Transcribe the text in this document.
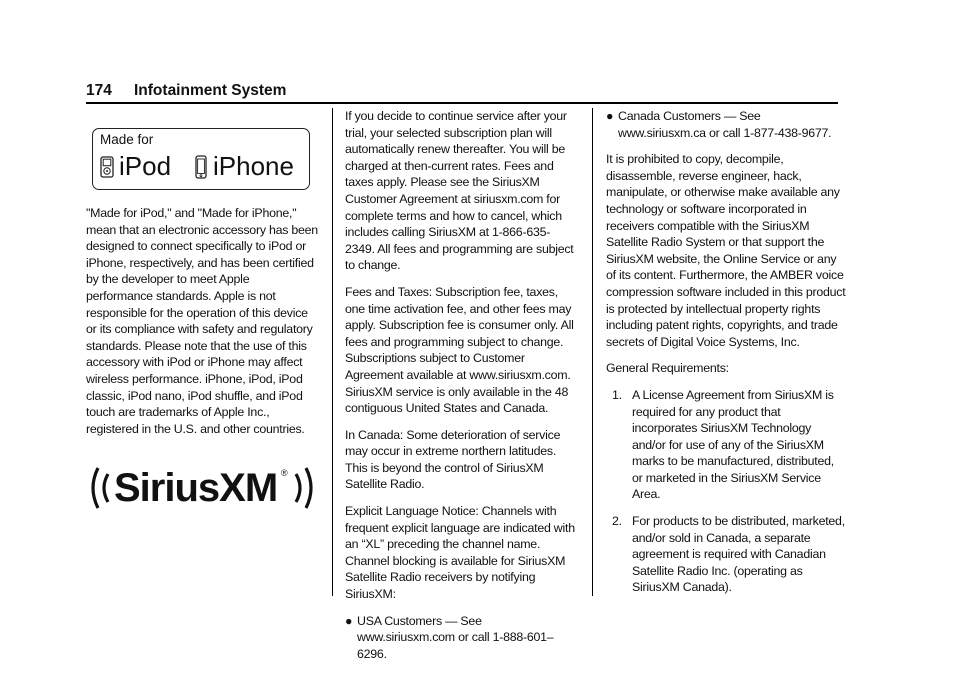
174 Infotainment System
Made for
iPod iPhone

"Made for iPod," and "Made for iPhone," mean that an electronic accessory has been designed to connect specifically to iPod or iPhone, respectively, and has been certified by the developer to meet Apple performance standards. Apple is not responsible for the operation of this device or its compliance with safety and regulatory standards. Please note that the use of this accessory with iPod or iPhone may affect wireless performance. iPhone, iPod, iPod classic, iPod nano, iPod shuffle, and iPod touch are trademarks of Apple Inc., registered in the U.S. and other countries.

SiriusXM ®

If you decide to continue service after your trial, your selected subscription plan will automatically renew thereafter. You will be charged at then-current rates. Fees and taxes apply. Please see the SiriusXM Customer Agreement at siriusxm.com for complete terms and how to cancel, which includes calling SiriusXM at 1-866-635-2349. All fees and programming are subject to change.

Fees and Taxes: Subscription fee, taxes, one time activation fee, and other fees may apply. Subscription fee is consumer only. All fees and programming subject to change. Subscriptions subject to Customer Agreement available at www.siriusxm.com. SiriusXM service is only available in the 48 contiguous United States and Canada.

In Canada: Some deterioration of service may occur in extreme northern latitudes. This is beyond the control of SiriusXM Satellite Radio.

Explicit Language Notice: Channels with frequent explicit language are indicated with an “XL” preceding the channel name. Channel blocking is available for SiriusXM Satellite Radio receivers by notifying SiriusXM:

● USA Customers — See www.siriusxm.com or call 1-888-601–6296.
● Canada Customers — See www.siriusxm.ca or call 1-877-438-9677.

It is prohibited to copy, decompile, disassemble, reverse engineer, hack, manipulate, or otherwise make available any technology or software incorporated in receivers compatible with the SiriusXM Satellite Radio System or that support the SiriusXM website, the Online Service or any of its content. Furthermore, the AMBER voice compression software included in this product is protected by intellectual property rights including patent rights, copyrights, and trade secrets of Digital Voice Systems, Inc.

General Requirements:

1. A License Agreement from SiriusXM is required for any product that incorporates SiriusXM Technology and/or for use of any of the SiriusXM marks to be manufactured, distributed, or marketed in the SiriusXM Service Area.
2. For products to be distributed, marketed, and/or sold in Canada, a separate agreement is required with Canadian Satellite Radio Inc. (operating as SiriusXM Canada).
